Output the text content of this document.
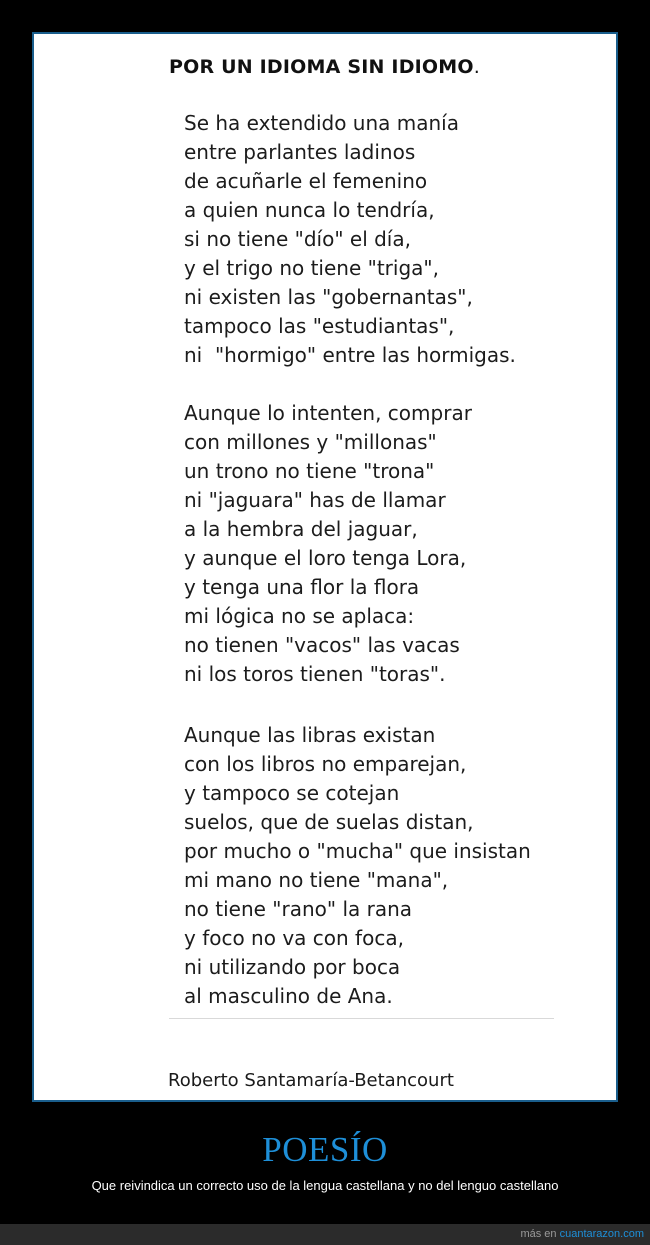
POR UN IDIOMA SIN IDIOMO.
Se ha extendido una manía
entre parlantes ladinos
de acuñarle el femenino
a quien nunca lo tendría,
si no tiene "dío" el día,
y el trigo no tiene "triga",
ni existen las "gobernantas",
tampoco las "estudiantas",
ni  "hormigo" entre las hormigas.
Aunque lo intenten, comprar
con millones y "millonas"
un trono no tiene "trona"
ni "jaguara" has de llamar
a la hembra del jaguar,
y aunque el loro tenga Lora,
y tenga una flor la flora
mi lógica no se aplaca:
no tienen "vacos" las vacas
ni los toros tienen "toras".
Aunque las libras existan
con los libros no emparejan,
y tampoco se cotejan
suelos, que de suelas distan,
por mucho o "mucha" que insistan
mi mano no tiene "mana",
no tiene "rano" la rana
y foco no va con foca,
ni utilizando por boca
al masculino de Ana.
Roberto Santamaría-Betancourt
POESÍO
Que reivindica un correcto uso de la lengua castellana y no del lenguo castellano
más en cuantarazon.com
